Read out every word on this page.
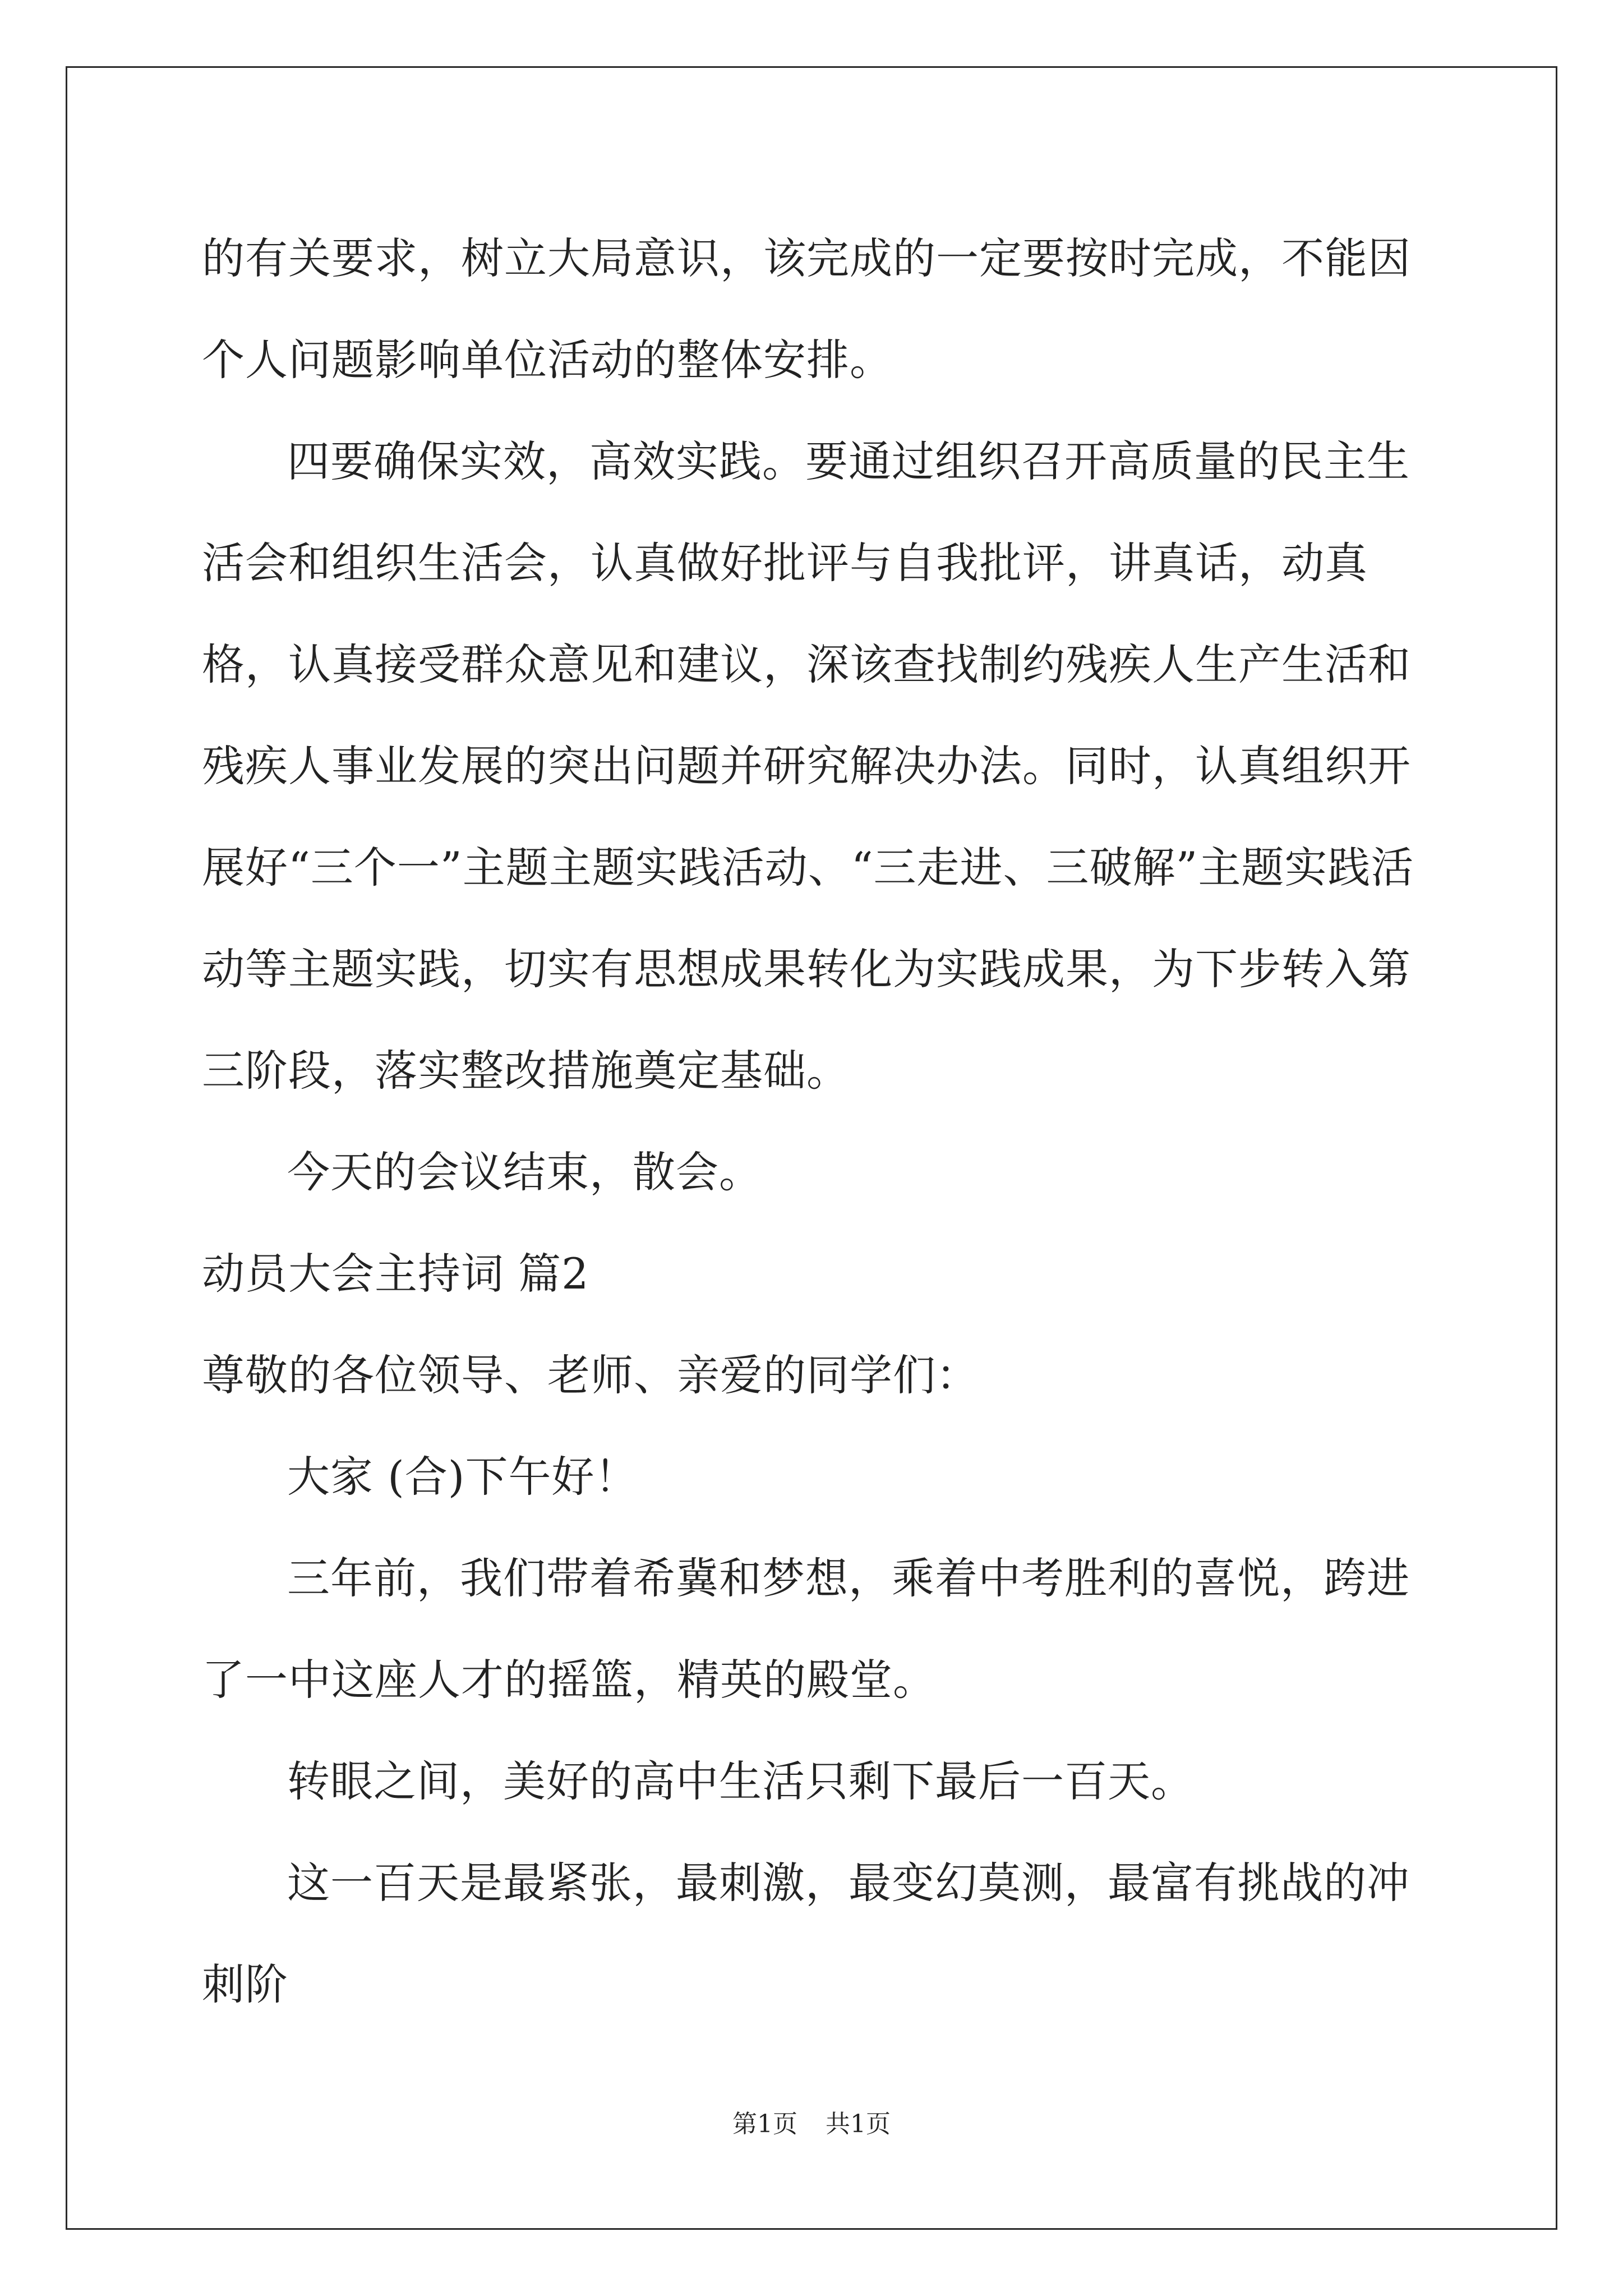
的有关要求，树立大局意识，该完成的一定要按时完成，不能因个人问题影响单位活动的整体安排。

四要确保实效，高效实践。要通过组织召开高质量的民主生活会和组织生活会，认真做好批评与自我批评，讲真话，动真格，认真接受群众意见和建议，深该查找制约残疾人生产生活和残疾人事业发展的突出问题并研究解决办法。同时，认真组织开展好“三个一”主题主题实践活动、“三走进、三破解”主题实践活动等主题实践，切实有思想成果转化为实践成果，为下步转入第三阶段，落实整改措施奠定基础。

今天的会议结束，散会。

动员大会主持词 篇2

尊敬的各位领导、老师、亲爱的同学们：

大家 (合)下午好！

三年前，我们带着希冀和梦想，乘着中考胜利的喜悦，跨进了一中这座人才的摇篮，精英的殿堂。

转眼之间，美好的高中生活只剩下最后一百天。

这一百天是最紧张，最刺激，最变幻莫测，最富有挑战的冲刺阶

第1页 共1页
